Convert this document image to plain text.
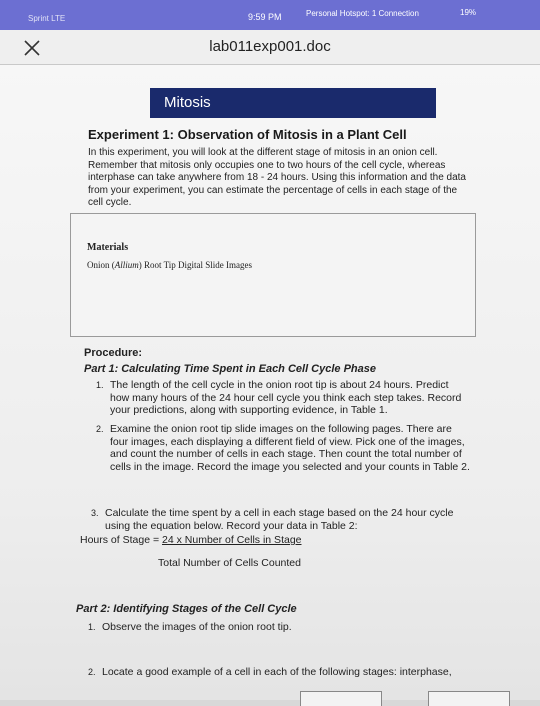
Sprint LTE	9:59 PM	Personal Hotspot: 1 Connection	19%
lab011exp001.doc
Mitosis
Experiment 1: Observation of Mitosis in a Plant Cell
In this experiment, you will look at the different stage of mitosis in an onion cell. Remember that mitosis only occupies one to two hours of the cell cycle, whereas interphase can take anywhere from 18 - 24 hours. Using this information and the data from your experiment, you can estimate the percentage of cells in each stage of the cell cycle.
Materials
Onion (Allium) Root Tip Digital Slide Images
Procedure:
Part 1: Calculating Time Spent in Each Cell Cycle Phase
1. The length of the cell cycle in the onion root tip is about 24 hours. Predict how many hours of the 24 hour cell cycle you think each step takes. Record your predictions, along with supporting evidence, in Table 1.
2. Examine the onion root tip slide images on the following pages. There are four images, each displaying a different field of view. Pick one of the images, and count the number of cells in each stage. Then count the total number of cells in the image. Record the image you selected and your counts in Table 2.
3. Calculate the time spent by a cell in each stage based on the 24 hour cycle using the equation below. Record your data in Table 2:
Hours of Stage = 24 x Number of Cells in Stage
Total Number of Cells Counted
Part 2: Identifying Stages of the Cell Cycle
1. Observe the images of the onion root tip.
2. Locate a good example of a cell in each of the following stages: interphase,
